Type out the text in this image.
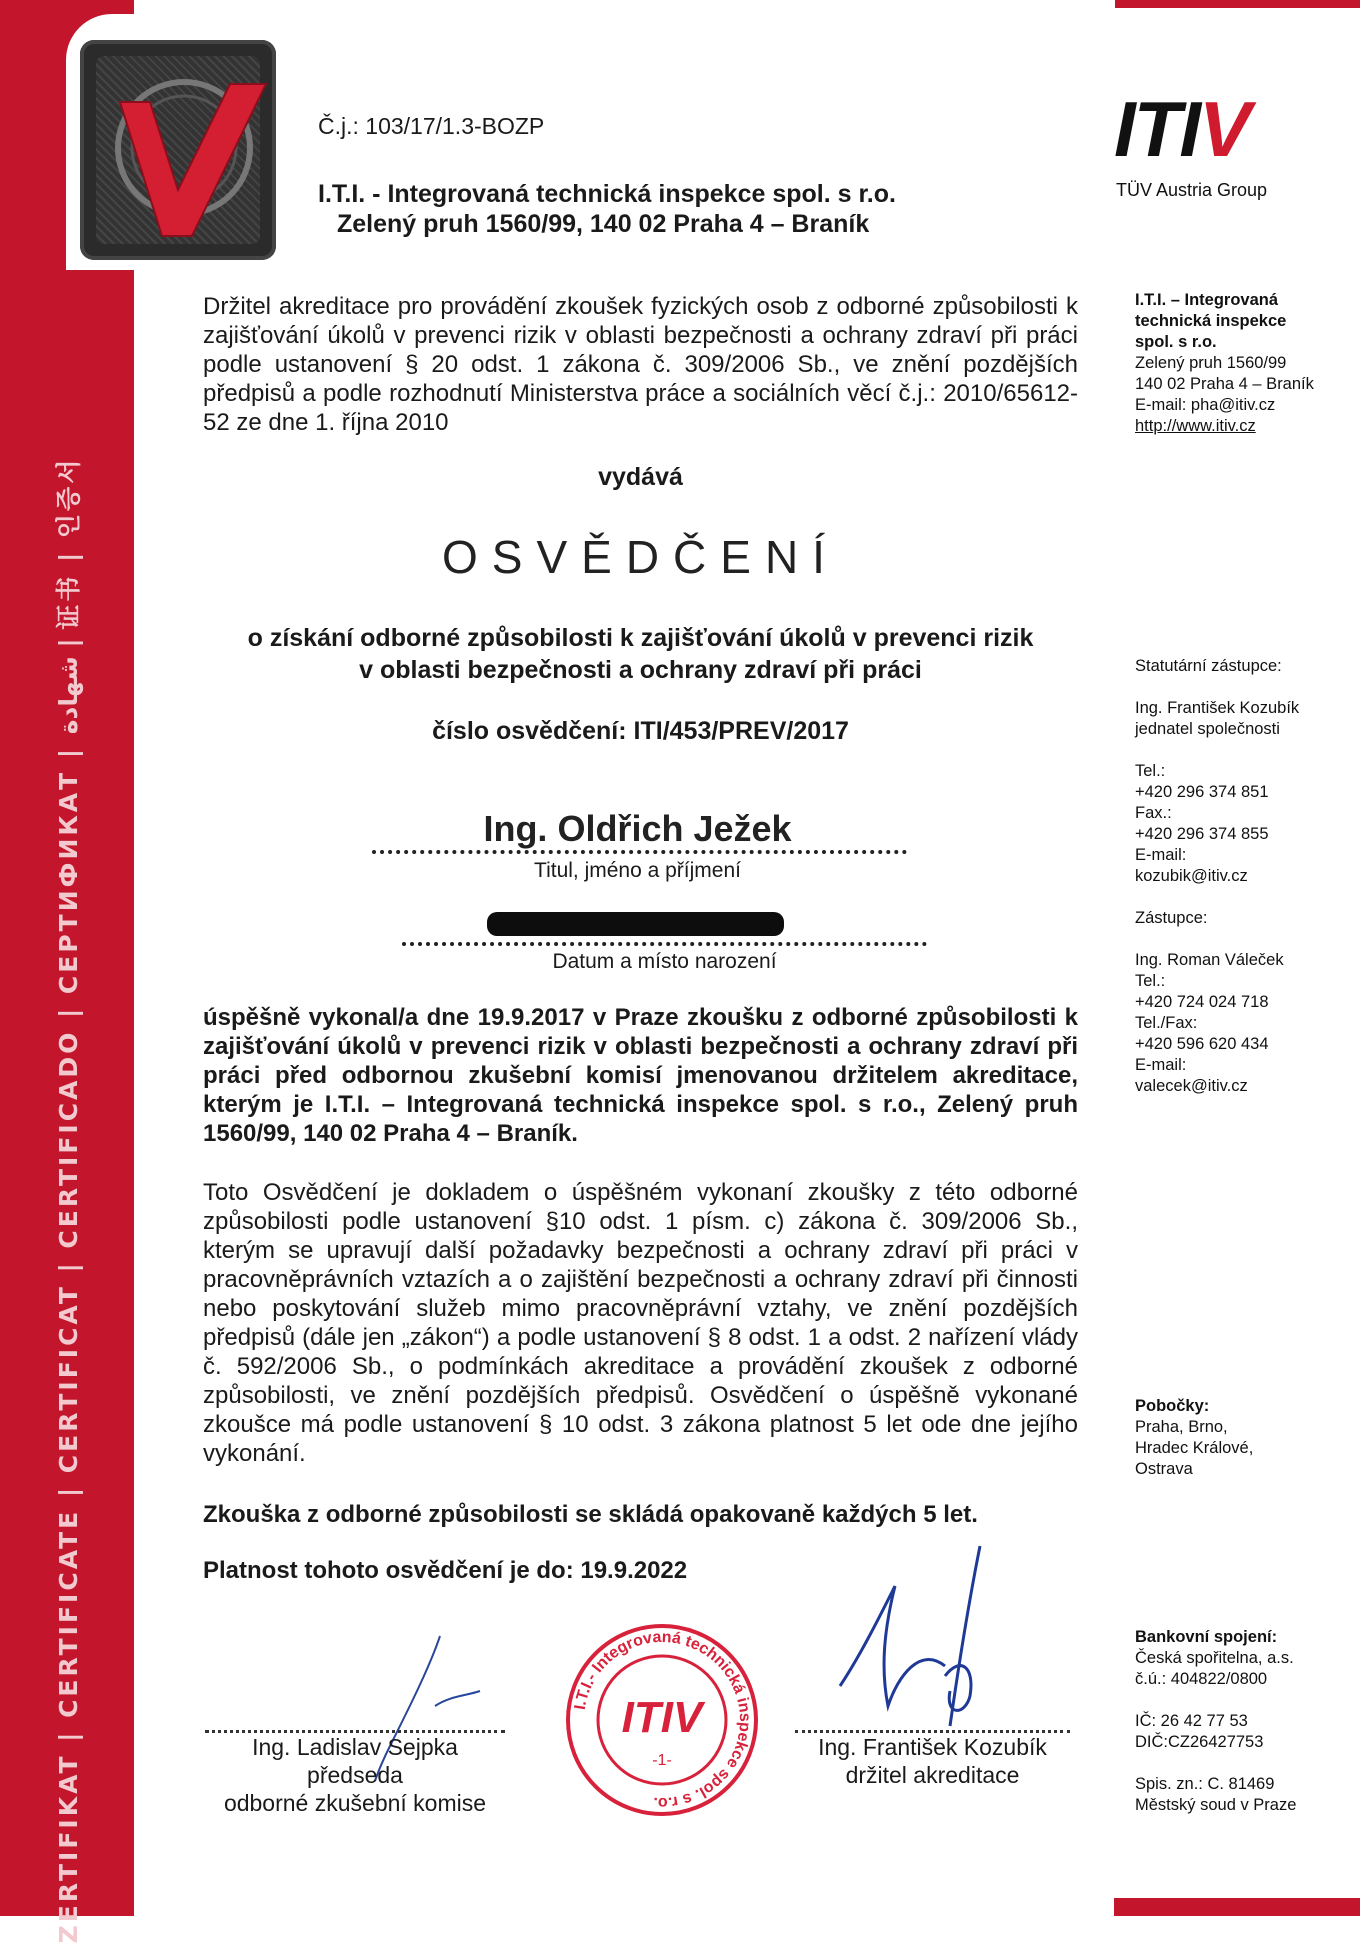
ZERTIFIKAT | CERTIFICATE | CERTIFICAT | CERTIFICADO | СЕРТИФИКАТ | شهادة | 证书 | 인증서
Č.j.: 103/17/1.3-BOZP
I.T.I. - Integrovaná technická inspekce spol. s r.o.
Zelený pruh 1560/99, 140 02 Praha 4 – Braník
ITIV
TÜV Austria Group
I.T.I. – Integrovaná
technická inspekce
spol. s r.o.
Zelený pruh 1560/99
140 02 Praha 4 – Braník
E-mail: pha@itiv.cz
http://www.itiv.cz
Statutární zástupce:

Ing. František Kozubík
jednatel společnosti

Tel.:
+420 296 374 851
Fax.:
+420 296 374 855
E-mail:
kozubik@itiv.cz
Zástupce:

Ing. Roman Váleček
Tel.:
+420 724 024 718
Tel./Fax:
+420 596 620 434
E-mail:
valecek@itiv.cz
Pobočky:
Praha, Brno,
Hradec Králové,
Ostrava
Bankovní spojení:
Česká spořitelna, a.s.
č.ú.: 404822/0800

IČ: 26 42 77 53
DIČ:CZ26427753

Spis. zn.: C. 81469
Městský soud v Praze
Držitel akreditace pro provádění zkoušek fyzických osob z odborné způsobilosti k zajišťování úkolů v prevenci rizik v oblasti bezpečnosti a ochrany zdraví při práci podle ustanovení § 20 odst. 1 zákona č. 309/2006 Sb., ve znění pozdějších předpisů a podle rozhodnutí Ministerstva práce a sociálních věcí č.j.: 2010/65612-52 ze dne 1. října 2010
vydává
OSVĚDČENÍ
o získání odborné způsobilosti k zajišťování úkolů v prevenci rizik
v oblasti bezpečnosti a ochrany zdraví při práci
číslo osvědčení: ITI/453/PREV/2017
Ing. Oldřich Ježek
Titul, jméno a příjmení
Datum a místo narození
úspěšně vykonal/a dne 19.9.2017 v Praze zkoušku z odborné způsobilosti k zajišťování úkolů v prevenci rizik v oblasti bezpečnosti a ochrany zdraví při práci před odbornou zkušební komisí jmenovanou držitelem akreditace, kterým je I.T.I. – Integrovaná technická inspekce spol. s r.o., Zelený pruh 1560/99, 140 02 Praha 4 – Braník.
Toto Osvědčení je dokladem o úspěšném vykonaní zkoušky z této odborné způsobilosti podle ustanovení §10 odst. 1 písm. c) zákona č. 309/2006 Sb., kterým se upravují další požadavky bezpečnosti a ochrany zdraví při práci v pracovněprávních vztazích a o zajištění bezpečnosti a ochrany zdraví při činnosti nebo poskytování služeb mimo pracovněprávní vztahy, ve znění pozdějších předpisů (dále jen „zákon“) a podle ustanovení § 8 odst. 1 a odst. 2 nařízení vlády č. 592/2006 Sb., o podmínkách akreditace a provádění zkoušek z odborné způsobilosti, ve znění pozdějších předpisů. Osvědčení o úspěšně vykonané zkoušce má podle ustanovení § 10 odst. 3 zákona platnost 5 let ode dne jejího vykonání.
Zkouška z odborné způsobilosti se skládá opakovaně každých 5 let.
Platnost tohoto osvědčení je do: 19.9.2022
I.T.I.- Integrovaná technická inspekce spol. s r.o.
ITIV
-1-
Ing. Ladislav Sejpka
předseda
odborné zkušební komise
Ing. František Kozubík
držitel akreditace
